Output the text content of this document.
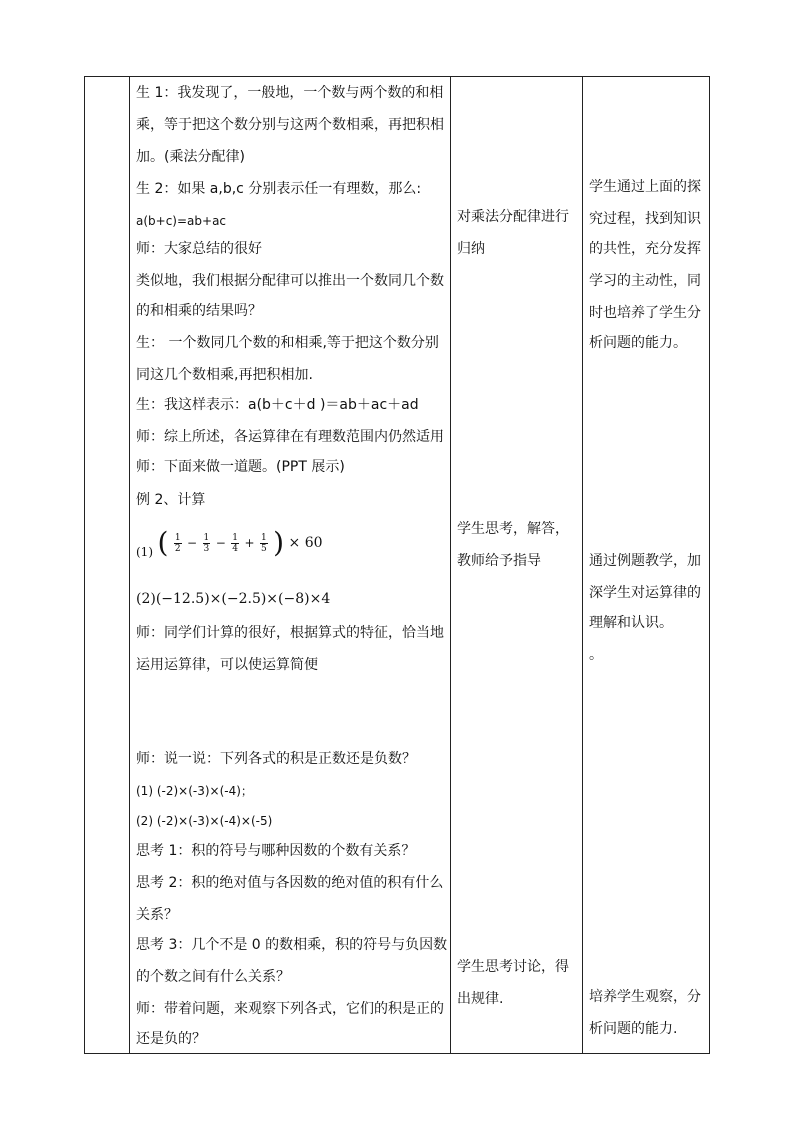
生 1：我发现了，一般地，一个数与两个数的和相
乘，等于把这个数分别与这两个数相乘，再把积相
加。(乘法分配律)
生 2：如果 a,b,c 分别表示任一有理数，那么:
a(b+c)=ab+ac
师：大家总结的很好
类似地，我们根据分配律可以推出一个数同几个数
的和相乘的结果吗？
生： 一个数同几个数的和相乘,等于把这个数分别
同这几个数相乘,再把积相加.
生：我这样表示：a(b＋c＋d )＝ab＋ac＋ad
师：综上所述，各运算律在有理数范围内仍然适用
师：下面来做一道题。(PPT 展示)
例 2、计算
(1) ( $\frac{1}{2} - \frac{1}{3} - \frac{1}{4} + \frac{1}{5}$ ) × 60
(2)(−12.5)×(−2.5)×(−8)×4
师：同学们计算的很好，根据算式的特征，恰当地
运用运算律，可以使运算简便
师：说一说：下列各式的积是正数还是负数？
(1) (-2)×(-3)×(-4)；
(2) (-2)×(-3)×(-4)×(-5)
思考 1：积的符号与哪种因数的个数有关系？
思考 2：积的绝对值与各因数的绝对值的积有什么
关系？
思考 3：几个不是 0 的数相乘，积的符号与负因数
的个数之间有什么关系？
师：带着问题，来观察下列各式，它们的积是正的
还是负的？
对乘法分配律进行
归纳
学生思考，解答，
教师给予指导
学生思考讨论，得
出规律.
学生通过上面的探
究过程，找到知识
的共性，充分发挥
学习的主动性，同
时也培养了学生分
析问题的能力。
通过例题教学，加
深学生对运算律的
理解和认识。
。
培养学生观察，分
析问题的能力.
